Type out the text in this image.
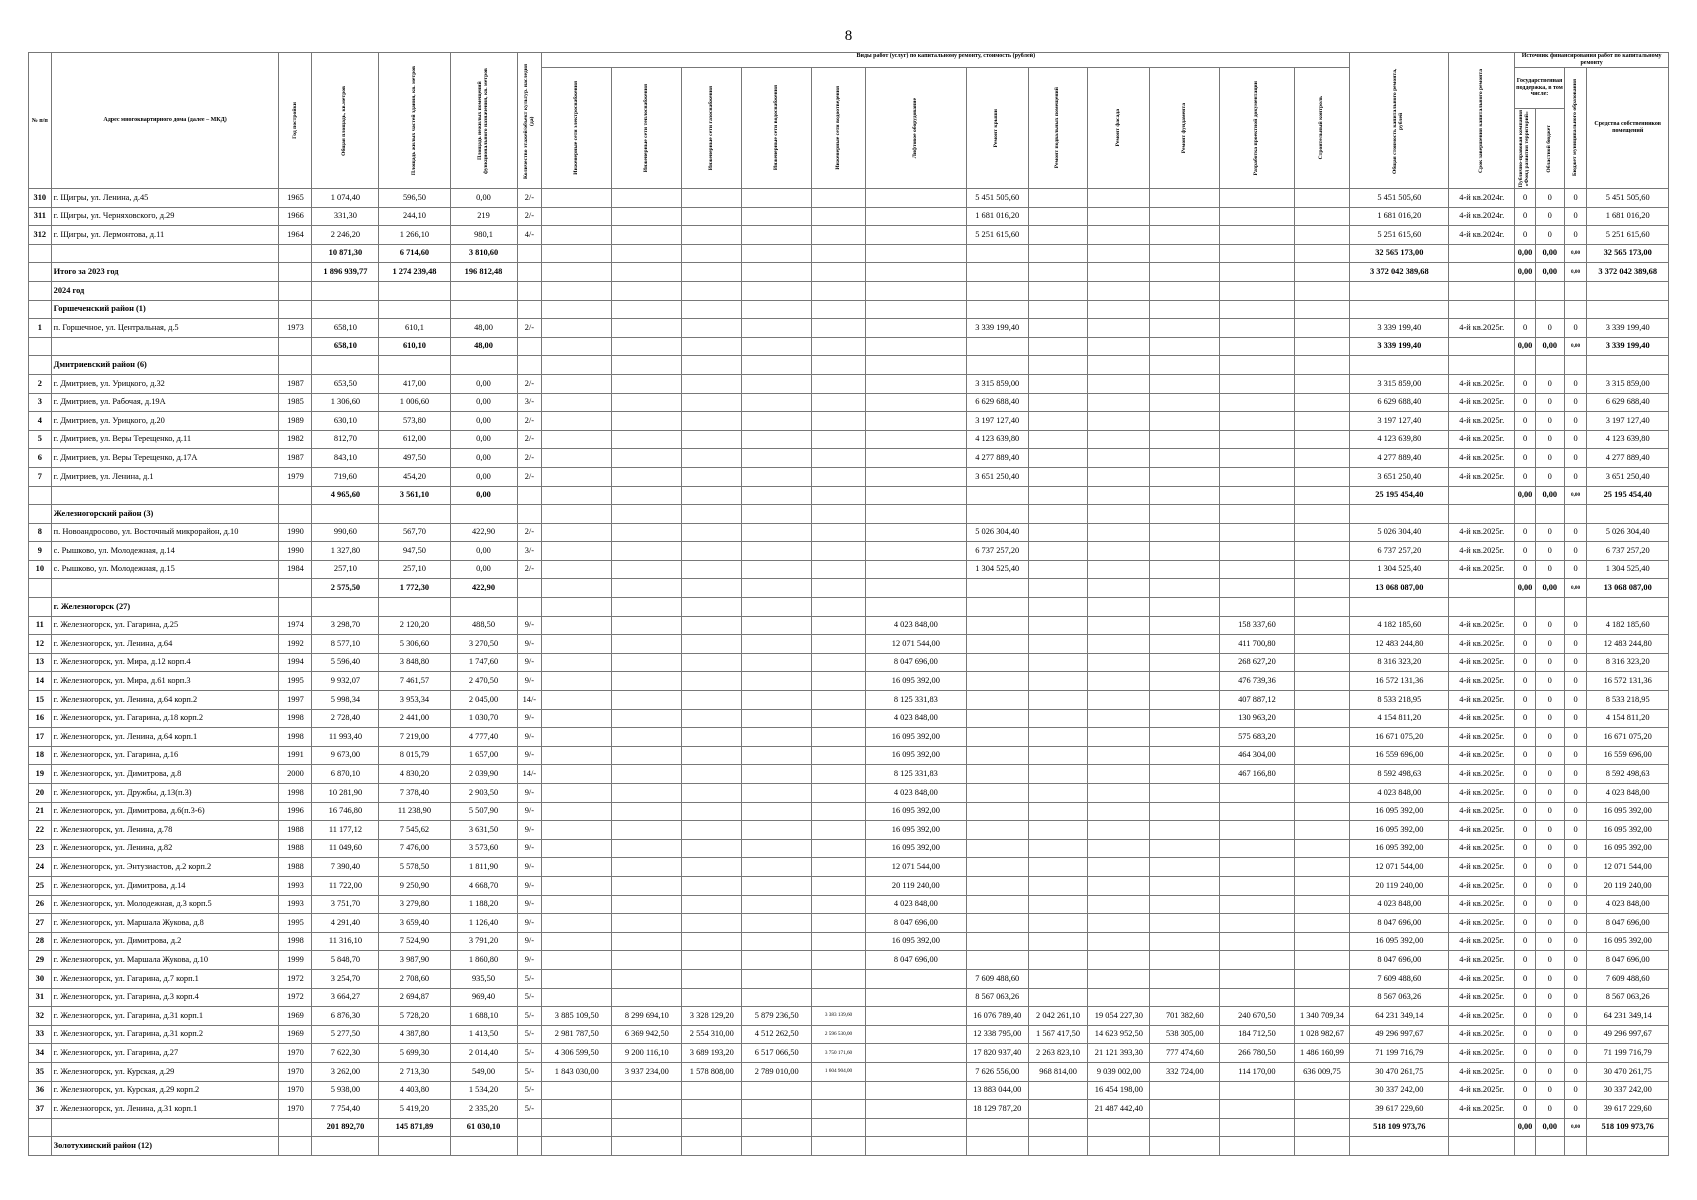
8
№ п/п	Адрес многоквартирного дома (далее – МКД)	Год постройки	Общая площадь, кв.метров	Площадь жилых частей здания, кв. метров	Площадь нежилых помещений функционального назначения, кв. метров	Количество этажей/объект культур. наследия (да)	Виды работ (услуг) по капитальному ремонту, стоимость (рублей)												Общая стоимость капитального ремонта, рублей	Срок завершения капитального ремонта	Источник финансирования работ по капитальному ремонту			

							Инженерные сети электроснабжения	Инженерные сети теплоснабжения	Инженерные сети газоснабжения	Инженерные сети водоснабжения	Инженерные сети водоотведения	Лифтовое оборудование	Ремонт крыши	Ремонт подвальных помещений	Ремонт фасада	Ремонт фундамента	Разработка проектной документации	Строительный контроль			Государственная поддержка, в том числе:		Бюджет муниципального образования	Средства собственников помещений

																					Публично-правовая компания «Фонд развития территорий»	Областной бюджет		

310	г. Щигры, ул. Ленина, д.45	1965	1 074,40	596,50	0,00	2/-							5 451 505,60						5 451 505,60	4-й кв.2024г.	0	0	0	5 451 505,60
311	г. Щигры, ул. Черняховского, д.29	1966	331,30	244,10	219	2/-							1 681 016,20						1 681 016,20	4-й кв.2024г.	0	0	0	1 681 016,20
312	г. Щигры, ул. Лермонтова, д.11	1964	2 246,20	1 266,10	980,1	4/-							5 251 615,60						5 251 615,60	4-й кв.2024г.	0	0	0	5 251 615,60
			10 871,30	6 714,60	3 810,60														32 565 173,00		0,00	0,00	0,00	32 565 173,00
	Итого за 2023 год		1 896 939,77	1 274 239,48	196 812,48														3 372 042 389,68		0,00	0,00	0,00	3 372 042 389,68
	2024 год																							
	Горшеченский район (1)																							
1	п. Горшечное, ул. Центральная, д.5	1973	658,10	610,1	48,00	2/-							3 339 199,40						3 339 199,40	4-й кв.2025г.	0	0	0	3 339 199,40
			658,10	610,10	48,00														3 339 199,40		0,00	0,00	0,00	3 339 199,40
	Дмитриевский район (6)																							
2	г. Дмитриев, ул. Урицкого, д.32	1987	653,50	417,00	0,00	2/-							3 315 859,00						3 315 859,00	4-й кв.2025г.	0	0	0	3 315 859,00
3	г. Дмитриев, ул. Рабочая, д.19А	1985	1 306,60	1 006,60	0,00	3/-							6 629 688,40						6 629 688,40	4-й кв.2025г.	0	0	0	6 629 688,40
4	г. Дмитриев, ул. Урицкого, д.20	1989	630,10	573,80	0,00	2/-							3 197 127,40						3 197 127,40	4-й кв.2025г.	0	0	0	3 197 127,40
5	г. Дмитриев, ул. Веры Терещенко, д.11	1982	812,70	612,00	0,00	2/-							4 123 639,80						4 123 639,80	4-й кв.2025г.	0	0	0	4 123 639,80
6	г. Дмитриев, ул. Веры Терещенко, д.17А	1987	843,10	497,50	0,00	2/-							4 277 889,40						4 277 889,40	4-й кв.2025г.	0	0	0	4 277 889,40
7	г. Дмитриев, ул. Ленина, д.1	1979	719,60	454,20	0,00	2/-							3 651 250,40						3 651 250,40	4-й кв.2025г.	0	0	0	3 651 250,40
			4 965,60	3 561,10	0,00														25 195 454,40		0,00	0,00	0,00	25 195 454,40
	Железногорский район (3)																							
8	п. Новоандросово, ул. Восточный микрорайон, д.10	1990	990,60	567,70	422,90	2/-							5 026 304,40						5 026 304,40	4-й кв.2025г.	0	0	0	5 026 304,40
9	с. Рышково, ул. Молодежная, д.14	1990	1 327,80	947,50	0,00	3/-							6 737 257,20						6 737 257,20	4-й кв.2025г.	0	0	0	6 737 257,20
10	с. Рышково, ул. Молодежная, д.15	1984	257,10	257,10	0,00	2/-							1 304 525,40						1 304 525,40	4-й кв.2025г.	0	0	0	1 304 525,40
			2 575,50	1 772,30	422,90														13 068 087,00		0,00	0,00	0,00	13 068 087,00
	г. Железногорск (27)																							
11	г. Железногорск, ул. Гагарина, д.25	1974	3 298,70	2 120,20	488,50	9/-						4 023 848,00					158 337,60		4 182 185,60	4-й кв.2025г.	0	0	0	4 182 185,60
12	г. Железногорск, ул. Ленина, д.64	1992	8 577,10	5 306,60	3 270,50	9/-						12 071 544,00					411 700,80		12 483 244,80	4-й кв.2025г.	0	0	0	12 483 244,80
13	г. Железногорск, ул. Мира, д.12 корп.4	1994	5 596,40	3 848,80	1 747,60	9/-						8 047 696,00					268 627,20		8 316 323,20	4-й кв.2025г.	0	0	0	8 316 323,20
14	г. Железногорск, ул. Мира, д.61 корп.3	1995	9 932,07	7 461,57	2 470,50	9/-						16 095 392,00					476 739,36		16 572 131,36	4-й кв.2025г.	0	0	0	16 572 131,36
15	г. Железногорск, ул. Ленина, д.64 корп.2	1997	5 998,34	3 953,34	2 045,00	14/-						8 125 331,83					407 887,12		8 533 218,95	4-й кв.2025г.	0	0	0	8 533 218,95
16	г. Железногорск, ул. Гагарина, д.18 корп.2	1998	2 728,40	2 441,00	1 030,70	9/-						4 023 848,00					130 963,20		4 154 811,20	4-й кв.2025г.	0	0	0	4 154 811,20
17	г. Железногорск, ул. Ленина, д.64 корп.1	1998	11 993,40	7 219,00	4 777,40	9/-						16 095 392,00					575 683,20		16 671 075,20	4-й кв.2025г.	0	0	0	16 671 075,20
18	г. Железногорск, ул. Гагарина, д.16	1991	9 673,00	8 015,79	1 657,00	9/-						16 095 392,00					464 304,00		16 559 696,00	4-й кв.2025г.	0	0	0	16 559 696,00
19	г. Железногорск, ул. Димитрова, д.8	2000	6 870,10	4 830,20	2 039,90	14/-						8 125 331,83					467 166,80		8 592 498,63	4-й кв.2025г.	0	0	0	8 592 498,63
20	г. Железногорск, ул. Дружбы, д.13(п.3)	1998	10 281,90	7 378,40	2 903,50	9/-						4 023 848,00							4 023 848,00	4-й кв.2025г.	0	0	0	4 023 848,00
21	г. Железногорск, ул. Димитрова, д.6(п.3-6)	1996	16 746,80	11 238,90	5 507,90	9/-						16 095 392,00							16 095 392,00	4-й кв.2025г.	0	0	0	16 095 392,00
22	г. Железногорск, ул. Ленина, д.78	1988	11 177,12	7 545,62	3 631,50	9/-						16 095 392,00							16 095 392,00	4-й кв.2025г.	0	0	0	16 095 392,00
23	г. Железногорск, ул. Ленина, д.82	1988	11 049,60	7 476,00	3 573,60	9/-						16 095 392,00							16 095 392,00	4-й кв.2025г.	0	0	0	16 095 392,00
24	г. Железногорск, ул. Энтузиастов, д.2 корп.2	1988	7 390,40	5 578,50	1 811,90	9/-						12 071 544,00							12 071 544,00	4-й кв.2025г.	0	0	0	12 071 544,00
25	г. Железногорск, ул. Димитрова, д.14	1993	11 722,00	9 250,90	4 668,70	9/-						20 119 240,00							20 119 240,00	4-й кв.2025г.	0	0	0	20 119 240,00
26	г. Железногорск, ул. Молодежная, д.3 корп.5	1993	3 751,70	3 279,80	1 188,20	9/-						4 023 848,00							4 023 848,00	4-й кв.2025г.	0	0	0	4 023 848,00
27	г. Железногорск, ул. Маршала Жукова, д.8	1995	4 291,40	3 659,40	1 126,40	9/-						8 047 696,00							8 047 696,00	4-й кв.2025г.	0	0	0	8 047 696,00
28	г. Железногорск, ул. Димитрова, д.2	1998	11 316,10	7 524,90	3 791,20	9/-						16 095 392,00							16 095 392,00	4-й кв.2025г.	0	0	0	16 095 392,00
29	г. Железногорск, ул. Маршала Жукова, д.10	1999	5 848,70	3 987,90	1 860,80	9/-						8 047 696,00							8 047 696,00	4-й кв.2025г.	0	0	0	8 047 696,00
30	г. Железногорск, ул. Гагарина, д.7 корп.1	1972	3 254,70	2 708,60	935,50	5/-							7 609 488,60						7 609 488,60	4-й кв.2025г.	0	0	0	7 609 488,60
31	г. Железногорск, ул. Гагарина, д.3 корп.4	1972	3 664,27	2 694,87	969,40	5/-							8 567 063,26						8 567 063,26	4-й кв.2025г.	0	0	0	8 567 063,26
32	г. Железногорск, ул. Гагарина, д.31 корп.1	1969	6 876,30	5 728,20	1 688,10	5/-	3 885 109,50	8 299 694,10	3 328 129,20	5 879 236,50	3 383 139,60		16 076 789,40	2 042 261,10	19 054 227,30	701 382,60	240 670,50	1 340 709,34	64 231 349,14	4-й кв.2025г.	0	0	0	64 231 349,14
33	г. Железногорск, ул. Гагарина, д.31 корп.2	1969	5 277,50	4 387,80	1 413,50	5/-	2 981 787,50	6 369 942,50	2 554 310,00	4 512 262,50	2 596 530,00		12 338 795,00	1 567 417,50	14 623 952,50	538 305,00	184 712,50	1 028 982,67	49 296 997,67	4-й кв.2025г.	0	0	0	49 296 997,67
34	г. Железногорск, ул. Гагарина, д.27	1970	7 622,30	5 699,30	2 014,40	5/-	4 306 599,50	9 200 116,10	3 689 193,20	6 517 066,50	3 750 171,60		17 820 937,40	2 263 823,10	21 121 393,30	777 474,60	266 780,50	1 486 160,99	71 199 716,79	4-й кв.2025г.	0	0	0	71 199 716,79
35	г. Железногорск, ул. Курская, д.29	1970	3 262,00	2 713,30	549,00	5/-	1 843 030,00	3 937 234,00	1 578 808,00	2 789 010,00	1 604 904,00		7 626 556,00	968 814,00	9 039 002,00	332 724,00	114 170,00	636 009,75	30 470 261,75	4-й кв.2025г.	0	0	0	30 470 261,75
36	г. Железногорск, ул. Курская, д.29 корп.2	1970	5 938,00	4 403,80	1 534,20	5/-							13 883 044,00		16 454 198,00				30 337 242,00	4-й кв.2025г.	0	0	0	30 337 242,00
37	г. Железногорск, ул. Ленина, д.31 корп.1	1970	7 754,40	5 419,20	2 335,20	5/-							18 129 787,20		21 487 442,40				39 617 229,60	4-й кв.2025г.	0	0	0	39 617 229,60
			201 892,70	145 871,89	61 030,10														518 109 973,76		0,00	0,00	0,00	518 109 973,76
	Золотухинский район (12)																							
